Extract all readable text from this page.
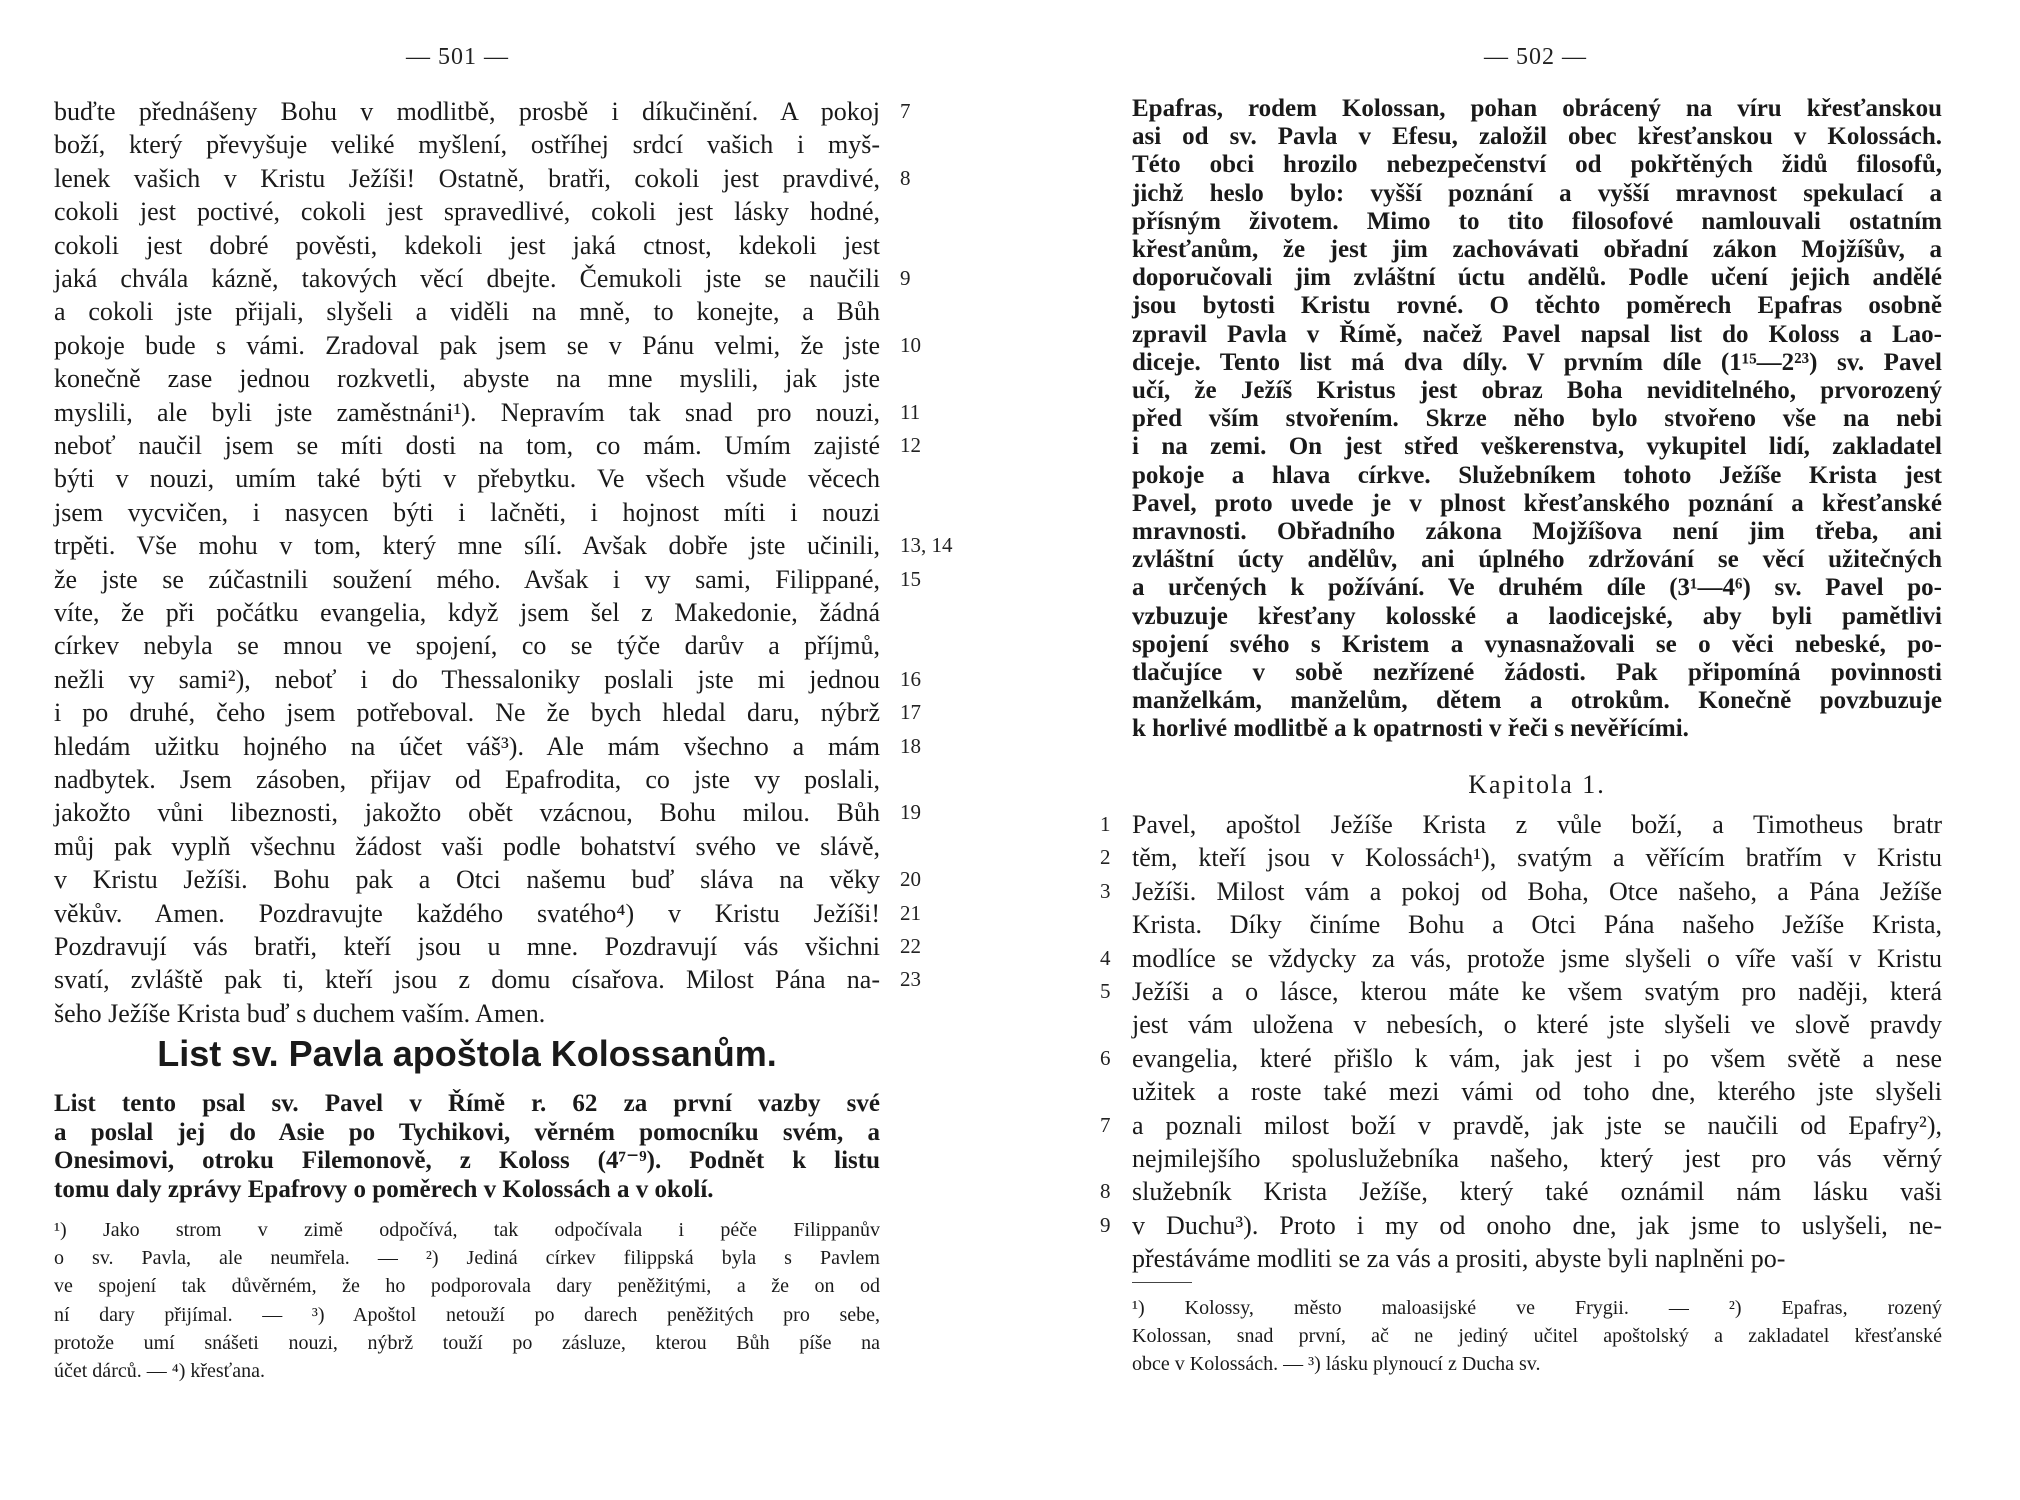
— 501 —	— 502 —
buďte přednášeny Bohu v modlitbě, prosbě i díkučinění. A pokoj
boží, který převyšuje veliké myšlení, ostříhej srdcí vašich i myš-
lenek vašich v Kristu Ježíši! Ostatně, bratři, cokoli jest pravdivé,
cokoli jest poctivé, cokoli jest spravedlivé, cokoli jest lásky hodné,
cokoli jest dobré pověsti, kdekoli jest jaká ctnost, kdekoli jest
jaká chvála kázně, takových věcí dbejte. Čemukoli jste se naučili
a cokoli jste přijali, slyšeli a viděli na mně, to konejte, a Bůh
pokoje bude s vámi. Zradoval pak jsem se v Pánu velmi, že jste
konečně zase jednou rozkvetli, abyste na mne myslili, jak jste
myslili, ale byli jste zaměstnáni¹). Nepravím tak snad pro nouzi,
neboť naučil jsem se míti dosti na tom, co mám. Umím zajisté
býti v nouzi, umím také býti v přebytku. Ve všech všude věcech
jsem vycvičen, i nasycen býti i lačněti, i hojnost míti i nouzi
trpěti. Vše mohu v tom, který mne sílí. Avšak dobře jste učinili,
že jste se zúčastnili soužení mého. Avšak i vy sami, Filippané,
víte, že při počátku evangelia, když jsem šel z Makedonie, žádná
církev nebyla se mnou ve spojení, co se týče darův a příjmů,
nežli vy sami²), neboť i do Thessaloniky poslali jste mi jednou
i po druhé, čeho jsem potřeboval. Ne že bych hledal daru, nýbrž
hledám užitku hojného na účet váš³). Ale mám všechno a mám
nadbytek. Jsem zásoben, přijav od Epafrodita, co jste vy poslali,
jakožto vůni libeznosti, jakožto obět vzácnou, Bohu milou. Bůh
můj pak vyplň všechnu žádost vaši podle bohatství svého ve slávě,
v Kristu Ježíši. Bohu pak a Otci našemu buď sláva na věky
věkův. Amen. Pozdravujte každého svatého⁴) v Kristu Ježíši!
Pozdravují vás bratři, kteří jsou u mne. Pozdravují vás všichni
svatí, zvláště pak ti, kteří jsou z domu císařova. Milost Pána na-
šeho Ježíše Krista buď s duchem vaším. Amen.
7
8
9
10
11
12
13, 14
15
16
17
18
19
20
21
22
23
List sv. Pavla apoštola Kolossanům.
List tento psal sv. Pavel v Římě r. 62 za první vazby své
a poslal jej do Asie po Tychikovi, věrném pomocníku svém, a
Onesimovi, otroku Filemonově, z Koloss (4⁷⁻⁹). Podnět k listu
tomu daly zprávy Epafrovy o poměrech v Kolossách a v okolí.
¹) Jako strom v zimě odpočívá, tak odpočívala i péče Filippanův
o sv. Pavla, ale neumřela. — ²) Jediná církev filippská byla s Pavlem
ve spojení tak důvěrném, že ho podporovala dary peněžitými, a že on od
ní dary přijímal. — ³) Apoštol netouží po darech peněžitých pro sebe,
protože umí snášeti nouzi, nýbrž touží po zásluze, kterou Bůh píše na
účet dárců. — ⁴) křesťana.
Epafras, rodem Kolossan, pohan obrácený na víru křesťanskou
asi od sv. Pavla v Efesu, založil obec křesťanskou v Kolossách.
Této obci hrozilo nebezpečenství od pokřtěných židů filosofů,
jichž heslo bylo: vyšší poznání a vyšší mravnost spekulací a
přísným životem. Mimo to tito filosofové namlouvali ostatním
křesťanům, že jest jim zachovávati obřadní zákon Mojžíšův, a
doporučovali jim zvláštní úctu andělů. Podle učení jejich andělé
jsou bytosti Kristu rovné. O těchto poměrech Epafras osobně
zpravil Pavla v Římě, načež Pavel napsal list do Koloss a Lao-
diceje. Tento list má dva díly. V prvním díle (1¹⁵—2²³) sv. Pavel
učí, že Ježíš Kristus jest obraz Boha neviditelného, prvorozený
před vším stvořením. Skrze něho bylo stvořeno vše na nebi
i na zemi. On jest střed veškerenstva, vykupitel lidí, zakladatel
pokoje a hlava církve. Služebníkem tohoto Ježíše Krista jest
Pavel, proto uvede je v plnost křesťanského poznání a křesťanské
mravnosti. Obřadního zákona Mojžíšova není jim třeba, ani
zvláštní úcty andělův, ani úplného zdržování se věcí užitečných
a určených k požívání. Ve druhém díle (3¹—4⁶) sv. Pavel po-
vzbuzuje křesťany kolosské a laodicejské, aby byli pamětlivi
spojení svého s Kristem a vynasnažovali se o věci nebeské, po-
tlačujíce v sobě nezřízené žádosti. Pak připomíná povinnosti
manželkám, manželům, dětem a otrokům. Konečně povzbuzuje
k horlivé modlitbě a k opatrnosti v řeči s nevěřícími.
Kapitola 1.
Pavel, apoštol Ježíše Krista z vůle boží, a Timotheus bratr
těm, kteří jsou v Kolossách¹), svatým a věřícím bratřím v Kristu
Ježíši. Milost vám a pokoj od Boha, Otce našeho, a Pána Ježíše
Krista. Díky činíme Bohu a Otci Pána našeho Ježíše Krista,
modlíce se vždycky za vás, protože jsme slyšeli o víře vaší v Kristu
Ježíši a o lásce, kterou máte ke všem svatým pro naději, která
jest vám uložena v nebesích, o které jste slyšeli ve slově pravdy
evangelia, které přišlo k vám, jak jest i po všem světě a nese
užitek a roste také mezi vámi od toho dne, kterého jste slyšeli
a poznali milost boží v pravdě, jak jste se naučili od Epafry²),
nejmilejšího spoluslužebníka našeho, který jest pro vás věrný
služebník Krista Ježíše, který také oznámil nám lásku vaši
v Duchu³). Proto i my od onoho dne, jak jsme to uslyšeli, ne-
přestáváme modliti se za vás a prositi, abyste byli naplněni po-
1
2
3
4
5
6
7
8
9
¹) Kolossy, město maloasijské ve Frygii. — ²) Epafras, rozený
Kolossan, snad první, ač ne jediný učitel apoštolský a zakladatel křesťanské
obce v Kolossách. — ³) lásku plynoucí z Ducha sv.
